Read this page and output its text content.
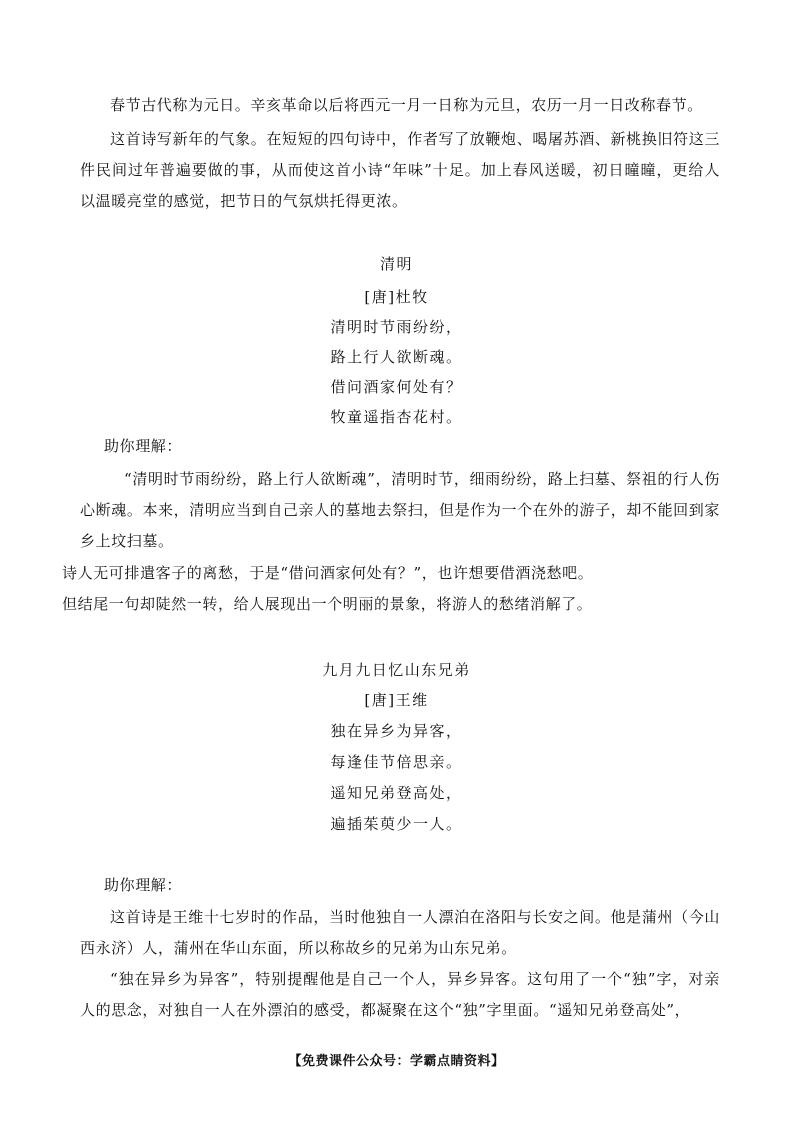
春节古代称为元日。辛亥革命以后将西元一月一日称为元旦，农历一月一日改称春节。

这首诗写新年的气象。在短短的四句诗中，作者写了放鞭炮、喝屠苏酒、新桃换旧符这三件民间过年普遍要做的事，从而使这首小诗“年味”十足。加上春风送暖，初日曈曈，更给人以温暖亮堂的感觉，把节日的气氛烘托得更浓。

清明

[唐]杜牧

清明时节雨纷纷，

路上行人欲断魂。

借问酒家何处有？

牧童遥指杏花村。

助你理解：

“清明时节雨纷纷，路上行人欲断魂”，清明时节，细雨纷纷，路上扫墓、祭祖的行人伤心断魂。本来，清明应当到自己亲人的墓地去祭扫，但是作为一个在外的游子，却不能回到家乡上坟扫墓。

诗人无可排遣客子的离愁，于是“借问酒家何处有？”，也许想要借酒浇愁吧。

但结尾一句却陡然一转，给人展现出一个明丽的景象，将游人的愁绪消解了。

九月九日忆山东兄弟

[唐]王维

独在异乡为异客，

每逢佳节倍思亲。

遥知兄弟登高处，

遍插茱萸少一人。

助你理解：

这首诗是王维十七岁时的作品，当时他独自一人漂泊在洛阳与长安之间。他是蒲州（今山西永济）人，蒲州在华山东面，所以称故乡的兄弟为山东兄弟。

“独在异乡为异客”，特别提醒他是自己一个人，异乡异客。这句用了一个“独”字，对亲人的思念，对独自一人在外漂泊的感受，都凝聚在这个“独”字里面。“遥知兄弟登高处”，

【免费课件公众号：学霸点睛资料】
